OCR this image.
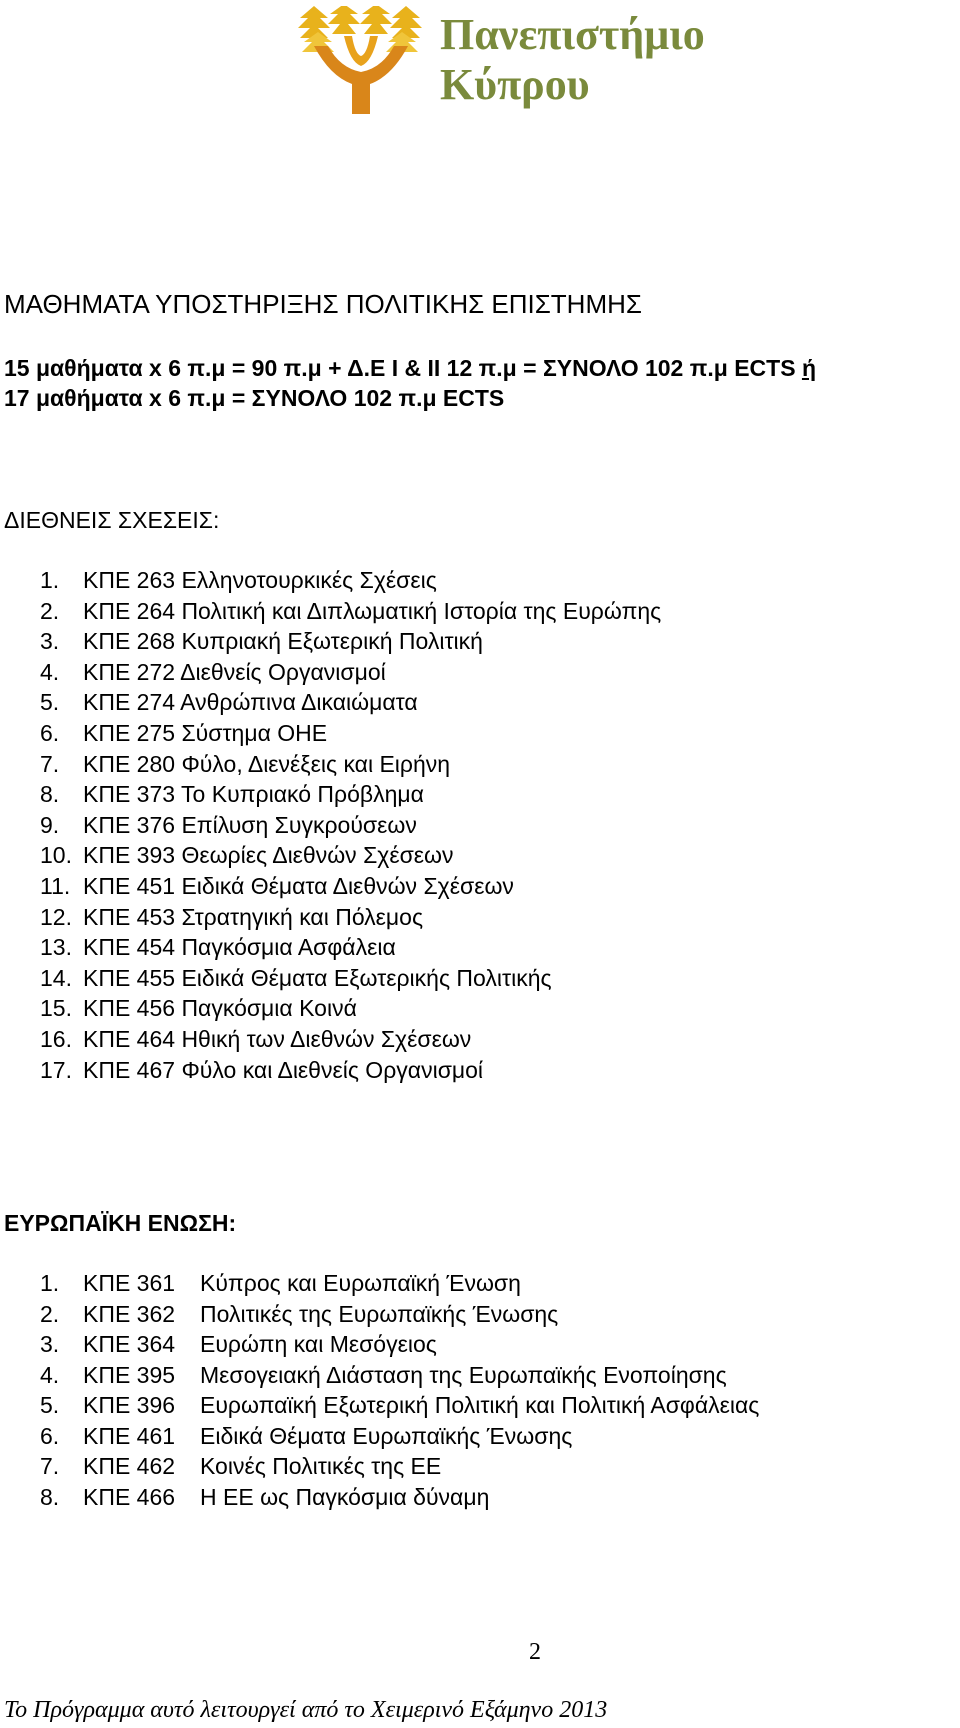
Πανεπιστήμιο
Κύπρου
ΜΑΘΗΜΑΤΑ ΥΠΟΣΤΗΡΙΞΗΣ ΠΟΛΙΤΙΚΗΣ ΕΠΙΣΤΗΜΗΣ
15 μαθήματα x 6 π.μ = 90 π.μ + Δ.Ε Ι & ΙΙ 12 π.μ = ΣΥΝΟΛΟ 102 π.μ ECTS ή
17 μαθήματα x 6 π.μ = ΣΥΝΟΛΟ 102 π.μ ECTS
ΔΙΕΘΝΕΙΣ ΣΧΕΣΕΙΣ:
1. ΚΠΕ 263 Ελληνοτουρκικές Σχέσεις
2. ΚΠΕ 264 Πολιτική και Διπλωματική Ιστορία της Ευρώπης
3. ΚΠΕ 268 Κυπριακή Εξωτερική Πολιτική
4. ΚΠΕ 272 Διεθνείς Οργανισμοί
5. ΚΠΕ 274 Ανθρώπινα Δικαιώματα
6. ΚΠΕ 275 Σύστημα ΟΗΕ
7. ΚΠΕ 280 Φύλο, Διενέξεις και Ειρήνη
8. ΚΠΕ 373 Το Κυπριακό Πρόβλημα
9. ΚΠΕ 376 Επίλυση Συγκρούσεων
10. ΚΠΕ 393 Θεωρίες Διεθνών Σχέσεων
11. ΚΠΕ 451 Ειδικά Θέματα Διεθνών Σχέσεων
12. ΚΠΕ 453 Στρατηγική και Πόλεμος
13. ΚΠΕ 454 Παγκόσμια Ασφάλεια
14. ΚΠΕ 455 Ειδικά Θέματα Εξωτερικής Πολιτικής
15. ΚΠΕ 456 Παγκόσμια Κοινά
16. ΚΠΕ 464 Ηθική των Διεθνών Σχέσεων
17. ΚΠΕ 467 Φύλο και Διεθνείς Οργανισμοί
ΕΥΡΩΠΑΪΚΗ ΕΝΩΣΗ:
1. ΚΠΕ 361 Κύπρος και Ευρωπαϊκή Ένωση
2. ΚΠΕ 362 Πολιτικές της Ευρωπαϊκής Ένωσης
3. ΚΠΕ 364 Ευρώπη και Μεσόγειος
4. ΚΠΕ 395 Μεσογειακή Διάσταση της Ευρωπαϊκής Ενοποίησης
5. ΚΠΕ 396 Ευρωπαϊκή Εξωτερική Πολιτική και Πολιτική Ασφάλειας
6. ΚΠΕ 461 Ειδικά Θέματα Ευρωπαϊκής Ένωσης
7. ΚΠΕ 462 Κοινές Πολιτικές της ΕΕ
8. ΚΠΕ 466 Η ΕΕ ως Παγκόσμια δύναμη
2
Το Πρόγραμμα αυτό λειτουργεί από το Χειμερινό Εξάμηνο 2013
